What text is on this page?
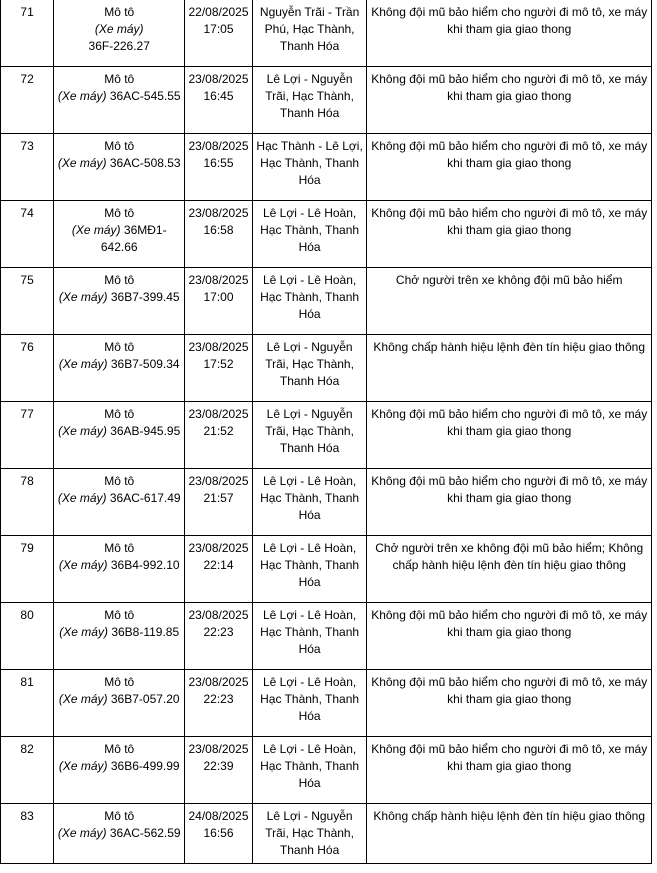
71	Mô tô
(Xe máy)
36F-226.27	22/08/2025
17:05	Nguyễn Trãi - Trần Phú, Hạc Thành, Thanh Hóa	Không đội mũ bảo hiểm cho người đi mô tô, xe máy khi tham gia giao thong
72	Mô tô
(Xe máy) 36AC-545.55	23/08/2025
16:45	Lê Lợi - Nguyễn Trãi, Hạc Thành, Thanh Hóa	Không đội mũ bảo hiểm cho người đi mô tô, xe máy khi tham gia giao thong
73	Mô tô
(Xe máy) 36AC-508.53	23/08/2025
16:55	Hạc Thành - Lê Lợi, Hạc Thành, Thanh Hóa	Không đội mũ bảo hiểm cho người đi mô tô, xe máy khi tham gia giao thong
74	Mô tô
(Xe máy) 36MĐ1-642.66	23/08/2025
16:58	Lê Lợi - Lê Hoàn, Hạc Thành, Thanh Hóa	Không đội mũ bảo hiểm cho người đi mô tô, xe máy khi tham gia giao thong
75	Mô tô
(Xe máy) 36B7-399.45	23/08/2025
17:00	Lê Lợi - Lê Hoàn, Hạc Thành, Thanh Hóa	Chở người trên xe không đội mũ bảo hiểm
76	Mô tô
(Xe máy) 36B7-509.34	23/08/2025
17:52	Lê Lợi - Nguyễn Trãi, Hạc Thành, Thanh Hóa	Không chấp hành hiệu lệnh đèn tín hiệu giao thông
77	Mô tô
(Xe máy) 36AB-945.95	23/08/2025
21:52	Lê Lợi - Nguyễn Trãi, Hạc Thành, Thanh Hóa	Không đội mũ bảo hiểm cho người đi mô tô, xe máy khi tham gia giao thong
78	Mô tô
(Xe máy) 36AC-617.49	23/08/2025
21:57	Lê Lợi - Lê Hoàn, Hạc Thành, Thanh Hóa	Không đội mũ bảo hiểm cho người đi mô tô, xe máy khi tham gia giao thong
79	Mô tô
(Xe máy) 36B4-992.10	23/08/2025
22:14	Lê Lợi - Lê Hoàn, Hạc Thành, Thanh Hóa	Chở người trên xe không đội mũ bảo hiểm; Không chấp hành hiệu lệnh đèn tín hiệu giao thông
80	Mô tô
(Xe máy) 36B8-119.85	23/08/2025
22:23	Lê Lợi - Lê Hoàn, Hạc Thành, Thanh Hóa	Không đội mũ bảo hiểm cho người đi mô tô, xe máy khi tham gia giao thong
81	Mô tô
(Xe máy) 36B7-057.20	23/08/2025
22:23	Lê Lợi - Lê Hoàn, Hạc Thành, Thanh Hóa	Không đội mũ bảo hiểm cho người đi mô tô, xe máy khi tham gia giao thong
82	Mô tô
(Xe máy) 36B6-499.99	23/08/2025
22:39	Lê Lợi - Lê Hoàn, Hạc Thành, Thanh Hóa	Không đội mũ bảo hiểm cho người đi mô tô, xe máy khi tham gia giao thong
83	Mô tô
(Xe máy) 36AC-562.59	24/08/2025
16:56	Lê Lợi - Nguyễn Trãi, Hạc Thành, Thanh Hóa	Không chấp hành hiệu lệnh đèn tín hiệu giao thông
